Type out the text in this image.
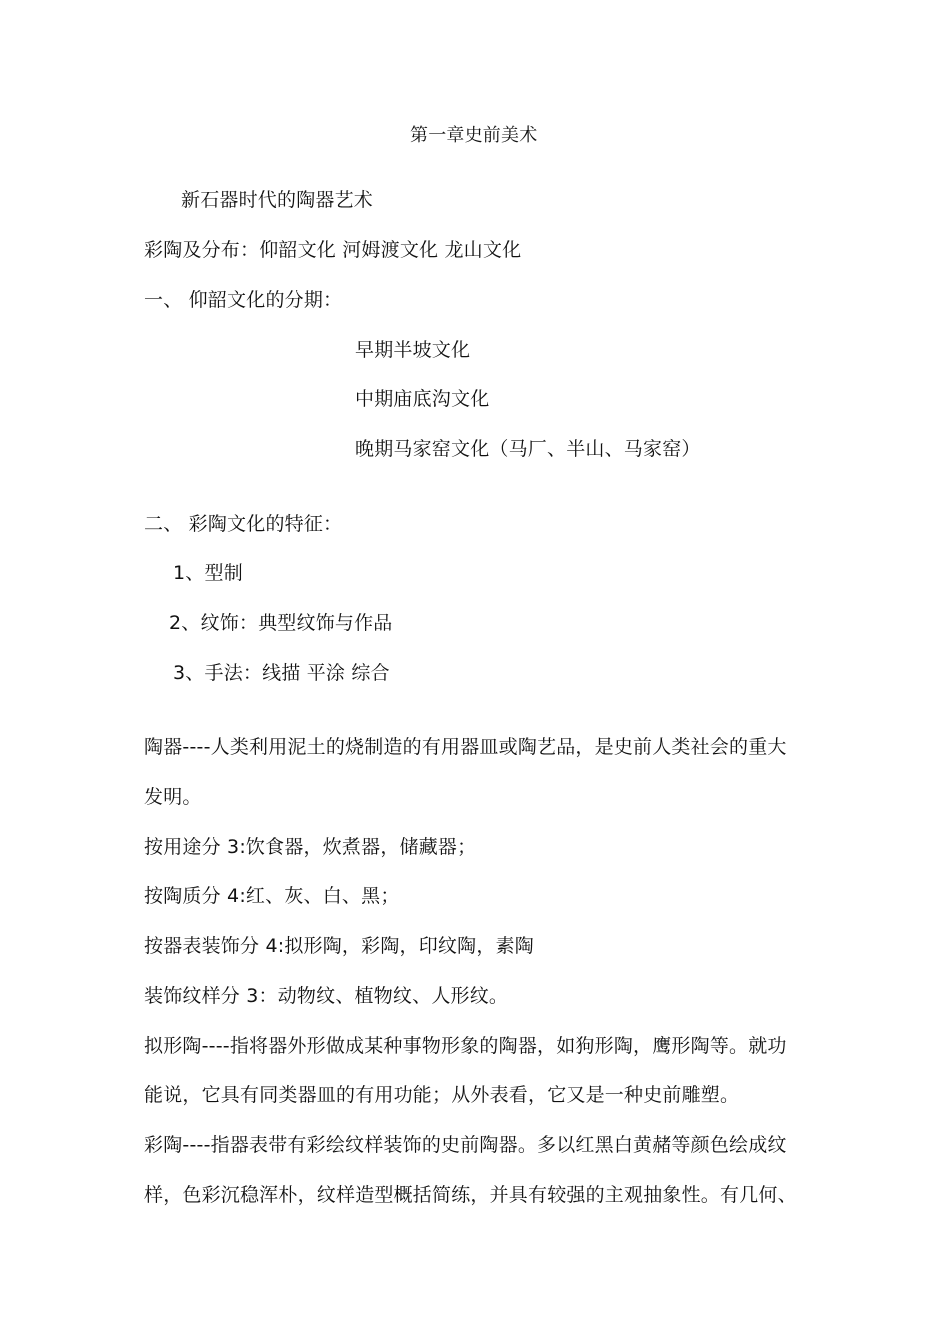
第一章史前美术
新石器时代的陶器艺术
彩陶及分布：仰韶文化 河姆渡文化 龙山文化
一、 仰韶文化的分期：
早期半坡文化
中期庙底沟文化
晚期马家窑文化（马厂、半山、马家窑）
二、 彩陶文化的特征：
1、型制
2、纹饰：典型纹饰与作品
3、手法：线描 平涂 综合
陶器----人类利用泥土的烧制造的有用器皿或陶艺品，是史前人类社会的重大
发明。
按用途分 3:饮食器，炊煮器，储藏器；
按陶质分 4:红、灰、白、黑；
按器表装饰分 4:拟形陶，彩陶，印纹陶，素陶
装饰纹样分 3：动物纹、植物纹、人形纹。
拟形陶----指将器外形做成某种事物形象的陶器，如狗形陶，鹰形陶等。就功
能说，它具有同类器皿的有用功能；从外表看，它又是一种史前雕塑。
彩陶----指器表带有彩绘纹样装饰的史前陶器。多以红黑白黄赭等颜色绘成纹
样，色彩沉稳浑朴，纹样造型概括简练，并具有较强的主观抽象性。有几何、
